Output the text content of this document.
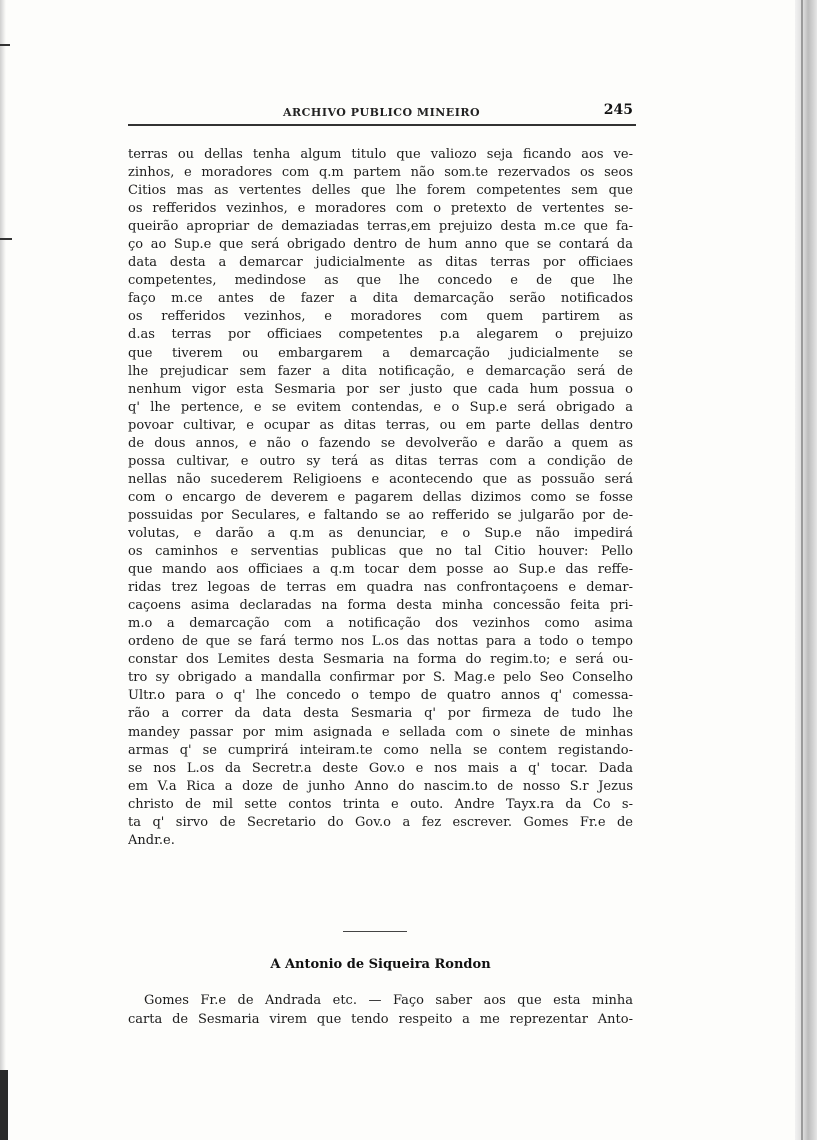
ARCHIVO PUBLICO MINEIRO	245
terras ou dellas tenha algum titulo que valiozo seja ficando aos ve-
zinhos, e moradores com q.m partem não som.te rezervados os seos
Citios mas as vertentes delles que lhe forem competentes sem que
os refferidos vezinhos, e moradores com o pretexto de vertentes se-
queirão apropriar de demaziadas terras,em prejuizo desta m.ce que fa-
ço ao Sup.e que será obrigado dentro de hum anno que se contará da
data desta a demarcar judicialmente as ditas terras por officiaes
competentes, medindose as que lhe concedo e de que lhe
faço m.ce antes de fazer a dita demarcação serão notificados
os refferidos vezinhos, e moradores com quem partirem as
d.as terras por officiaes competentes p.a alegarem o prejuizo
que tiverem ou embargarem a demarcação judicialmente se
lhe prejudicar sem fazer a dita notificação, e demarcação será de
nenhum vigor esta Sesmaria por ser justo que cada hum possua o
q' lhe pertence, e se evitem contendas, e o Sup.e será obrigado a
povoar cultivar, e ocupar as ditas terras, ou em parte dellas dentro
de dous annos, e não o fazendo se devolverão e darão a quem as
possa cultivar, e outro sy terá as ditas terras com a condição de
nellas não sucederem Religioens e acontecendo que as possuão será
com o encargo de deverem e pagarem dellas dizimos como se fosse
possuidas por Seculares, e faltando se ao refferido se julgarão por de-
volutas, e darão a q.m as denunciar, e o Sup.e não impedirá
os caminhos e serventias publicas que no tal Citio houver: Pello
que mando aos officiaes a q.m tocar dem posse ao Sup.e das reffe-
ridas trez legoas de terras em quadra nas confrontaçoens e demar-
caçoens asima declaradas na forma desta minha concessão feita pri-
m.o a demarcação com a notificação dos vezinhos como asima
ordeno de que se fará termo nos L.os das nottas para a todo o tempo
constar dos Lemites desta Sesmaria na forma do regim.to; e será ou-
tro sy obrigado a mandalla confirmar por S. Mag.e pelo Seo Conselho
Ultr.o para o q' lhe concedo o tempo de quatro annos q' comessa-
rão a correr da data desta Sesmaria q' por firmeza de tudo lhe
mandey passar por mim asignada e sellada com o sinete de minhas
armas q' se cumprirá inteiram.te como nella se contem registando-
se nos L.os da Secretr.a deste Gov.o e nos mais a q' tocar. Dada
em V.a Rica a doze de junho Anno do nascim.to de nosso S.r Jezus
christo de mil sette contos trinta e outo. Andre Tayx.ra da Co s-
ta q' sirvo de Secretario do Gov.o a fez escrever. Gomes Fr.e de
Andr.e.
A Antonio de Siqueira Rondon
Gomes Fr.e de Andrada etc. — Faço saber aos que esta minha
carta de Sesmaria virem que tendo respeito a me reprezentar Anto-
